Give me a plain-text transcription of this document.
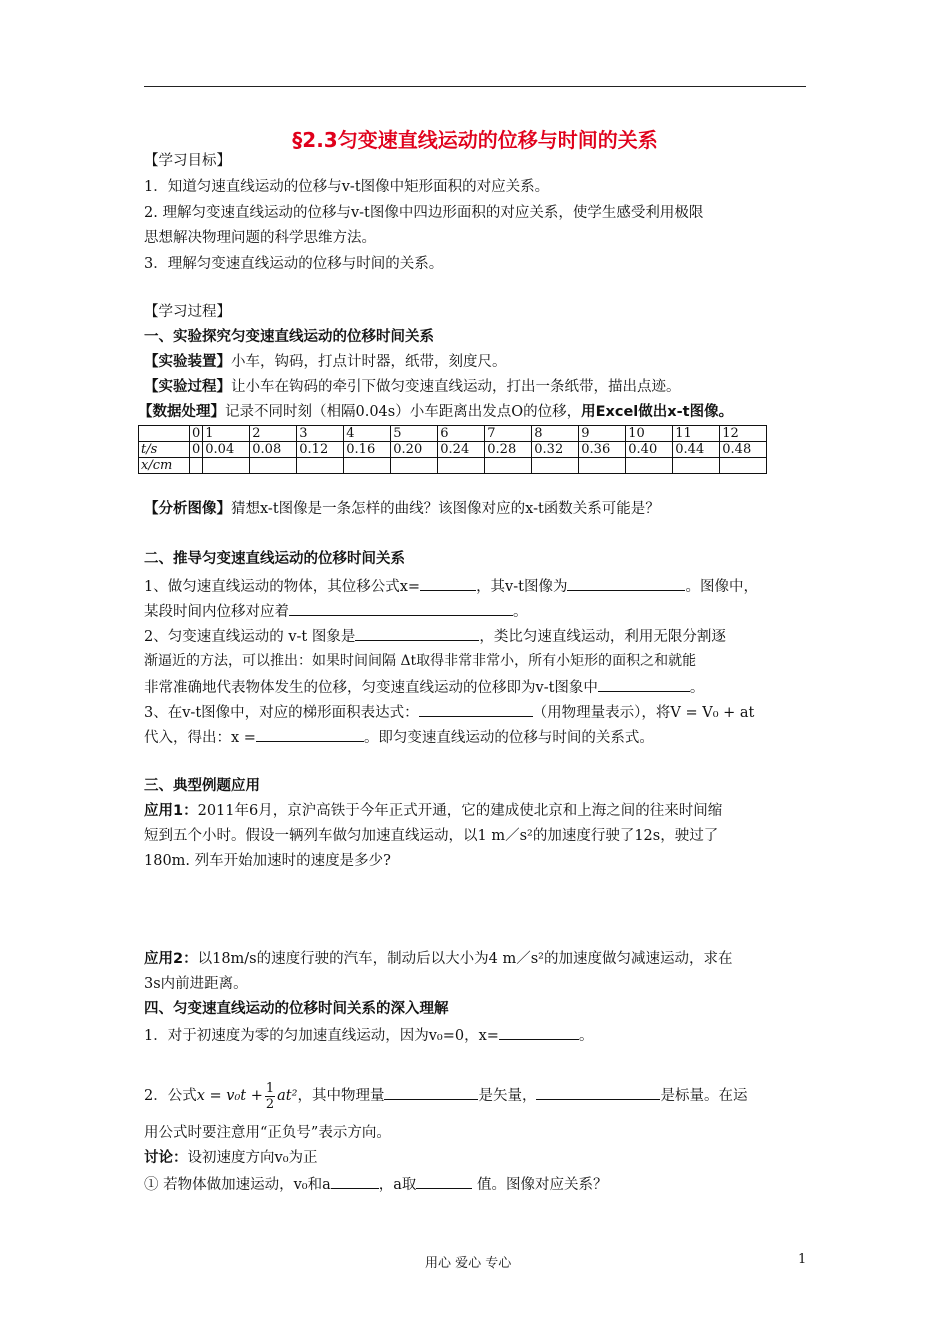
§2.3匀变速直线运动的位移与时间的关系
【学习目标】
1．知道匀速直线运动的位移与v-t图像中矩形面积的对应关系。
2. 理解匀变速直线运动的位移与v-t图像中四边形面积的对应关系，使学生感受利用极限
思想解决物理问题的科学思维方法。
3．理解匀变速直线运动的位移与时间的关系。
【学习过程】
一、实验探究匀变速直线运动的位移时间关系
【实验装置】小车，钩码，打点计时器，纸带，刻度尺。
【实验过程】让小车在钩码的牵引下做匀变速直线运动，打出一条纸带，描出点迹。
【数据处理】记录不同时刻（相隔0.04s）小车距离出发点O的位移，用Excel做出x-t图像。
	0	1	2	3	4	5	6	7	8	9	10	11	12
t/s	0	0.04	0.08	0.12	0.16	0.20	0.24	0.28	0.32	0.36	0.40	0.44	0.48
x/cm													
【分析图像】猜想x-t图像是一条怎样的曲线？该图像对应的x-t函数关系可能是？
二、推导匀变速直线运动的位移时间关系
1、做匀速直线运动的物体，其位移公式x=	，其v-t图像为	。图像中，
某段时间内位移对应着	。
2、匀变速直线运动的 v-t 图象是	，类比匀速直线运动，利用无限分割逐
渐逼近的方法，可以推出：如果时间间隔 Δt取得非常非常小，所有小矩形的面积之和就能
非常准确地代表物体发生的位移，匀变速直线运动的位移即为v-t图象中	。
3、在v-t图像中，对应的梯形面积表达式：	（用物理量表示），将V = V₀ + at
代入，得出：x =	。即匀变速直线运动的位移与时间的关系式。
三、典型例题应用
应用1：2011年6月，京沪高铁于今年正式开通，它的建成使北京和上海之间的往来时间缩
短到五个小时。假设一辆列车做匀加速直线运动，以1 m／s²的加速度行驶了12s，驶过了
180m. 列车开始加速时的速度是多少?
应用2：以18m/s的速度行驶的汽车，制动后以大小为4 m／s²的加速度做匀减速运动，求在
3s内前进距离。
四、匀变速直线运动的位移时间关系的深入理解
1．对于初速度为零的匀加速直线运动，因为v₀=0，x=	。
2．公式$x = v_0t + \frac{1}{2} at^2$，其中物理量	是矢量，	是标量。在运
用公式时要注意用“正负号”表示方向。
讨论：设初速度方向v₀为正
① 若物体做加速运动，v₀和a	，a取	值。图像对应关系？
用心 爱心 专心	1
